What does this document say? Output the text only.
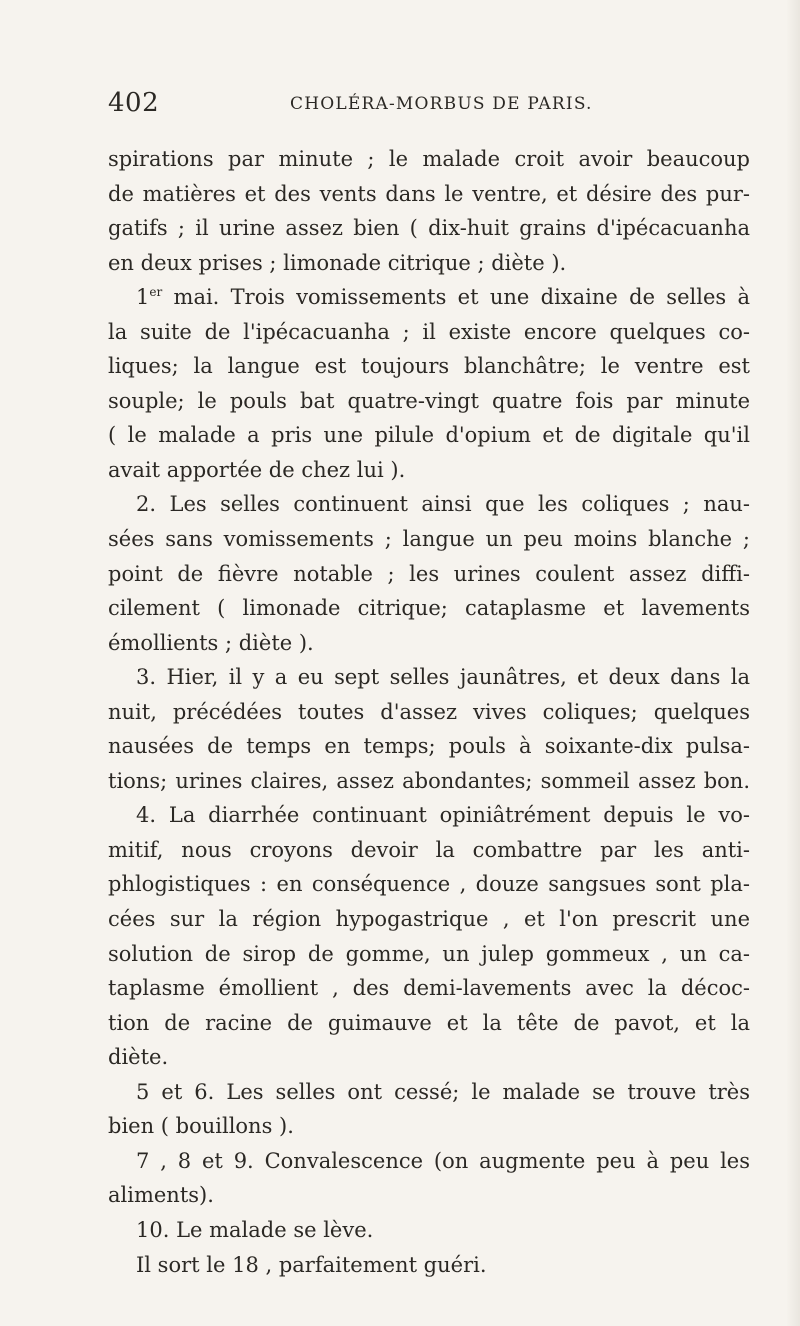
402	CHOLÉRA-MORBUS DE PARIS.
spirations par minute ; le malade croit avoir beaucoup
de matières et des vents dans le ventre, et désire des pur-
gatifs ; il urine assez bien ( dix-huit grains d'ipécacuanha
en deux prises ; limonade citrique ; diète ).
1er mai. Trois vomissements et une dixaine de selles à
la suite de l'ipécacuanha ; il existe encore quelques co-
liques; la langue est toujours blanchâtre; le ventre est
souple; le pouls bat quatre-vingt quatre fois par minute
( le malade a pris une pilule d'opium et de digitale qu'il
avait apportée de chez lui ).
2. Les selles continuent ainsi que les coliques ; nau-
sées sans vomissements ; langue un peu moins blanche ;
point de fièvre notable ; les urines coulent assez diffi-
cilement ( limonade citrique; cataplasme et lavements
émollients ; diète ).
3. Hier, il y a eu sept selles jaunâtres, et deux dans la
nuit, précédées toutes d'assez vives coliques; quelques
nausées de temps en temps; pouls à soixante-dix pulsa-
tions; urines claires, assez abondantes; sommeil assez bon.
4. La diarrhée continuant opiniâtrément depuis le vo-
mitif, nous croyons devoir la combattre par les anti-
phlogistiques : en conséquence , douze sangsues sont pla-
cées sur la région hypogastrique , et l'on prescrit une
solution de sirop de gomme, un julep gommeux , un ca-
taplasme émollient , des demi-lavements avec la décoc-
tion de racine de guimauve et la tête de pavot, et la
diète.
5 et 6. Les selles ont cessé; le malade se trouve très
bien ( bouillons ).
7 , 8 et 9. Convalescence (on augmente peu à peu les
aliments).
10. Le malade se lève.
Il sort le 18 , parfaitement guéri.
